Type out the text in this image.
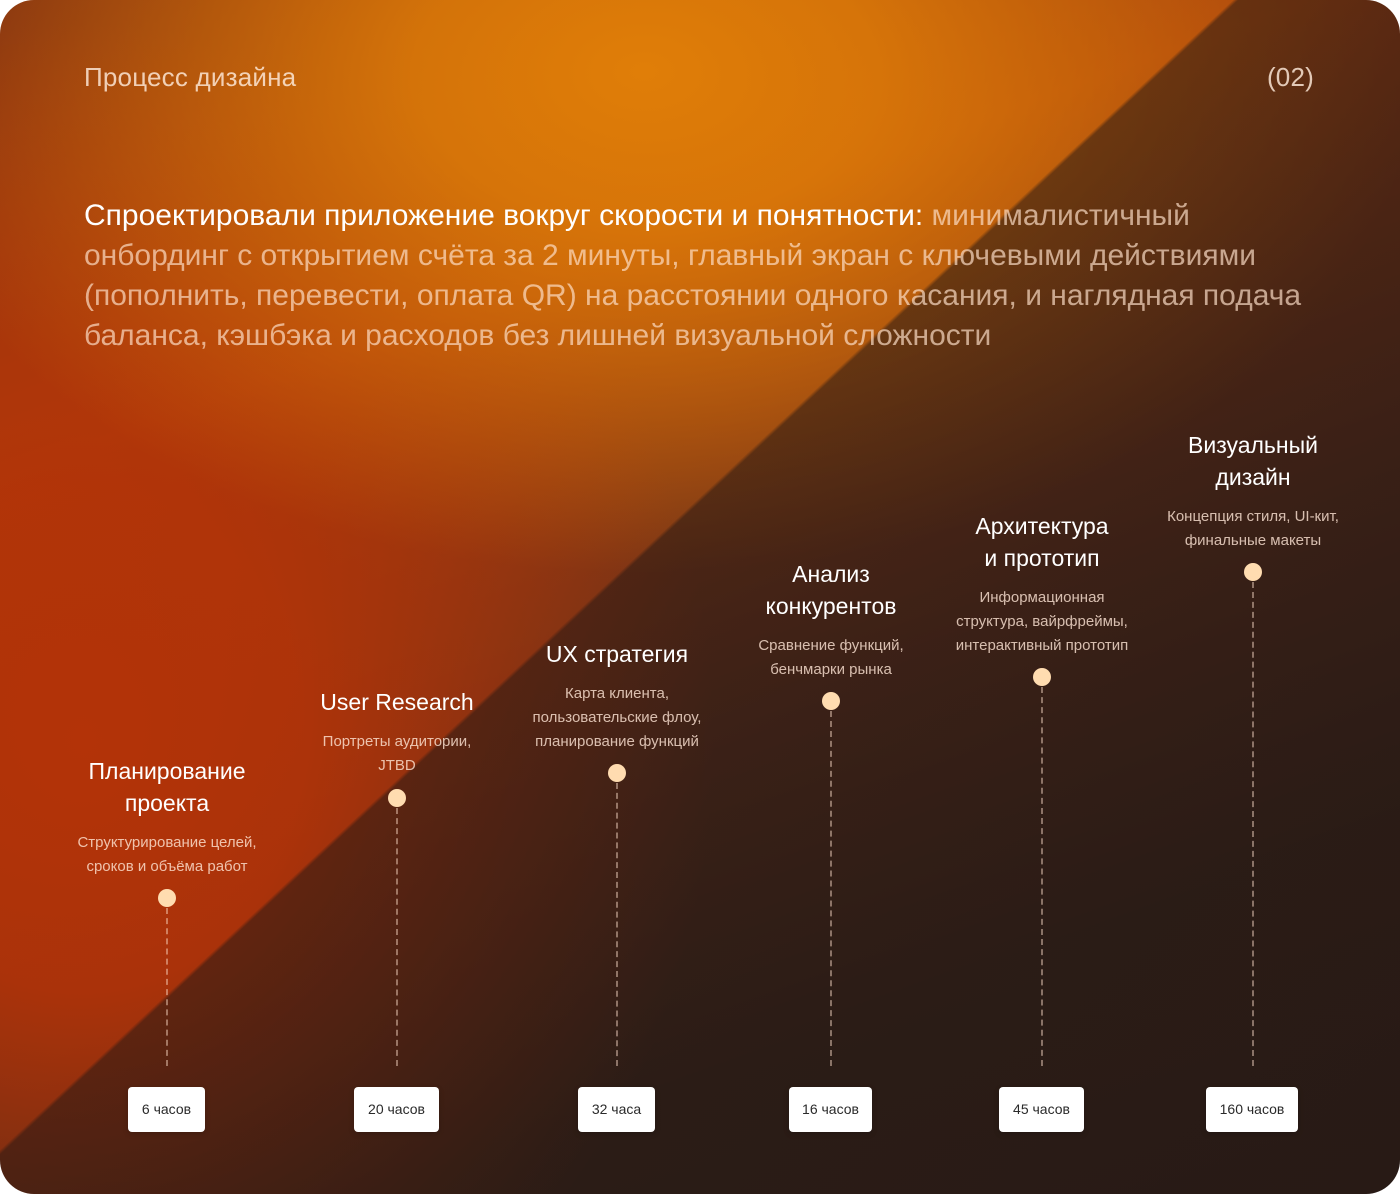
Процесс дизайна	(02)

Спроектировали приложение вокруг скорости и понятности: минималистичный онбординг с открытием счёта за 2 минуты, главный экран с ключевыми действиями (пополнить, перевести, оплата QR) на расстоянии одного касания, и наглядная подача баланса, кэшбэка и расходов без лишней визуальной сложности

Планирование
проекта

Структурирование целей,
сроков и объёма работ

6 часов

User Research

Портреты аудитории,
JTBD

20 часов

UX стратегия

Карта клиента,
пользовательские флоу,
планирование функций

32 часа

Анализ
конкурентов

Сравнение функций,
бенчмарки рынка

16 часов

Архитектура
и прототип

Информационная
структура, вайрфреймы,
интерактивный прототип

45 часов

Визуальный
дизайн

Концепция стиля, UI-кит,
финальные макеты

160 часов
